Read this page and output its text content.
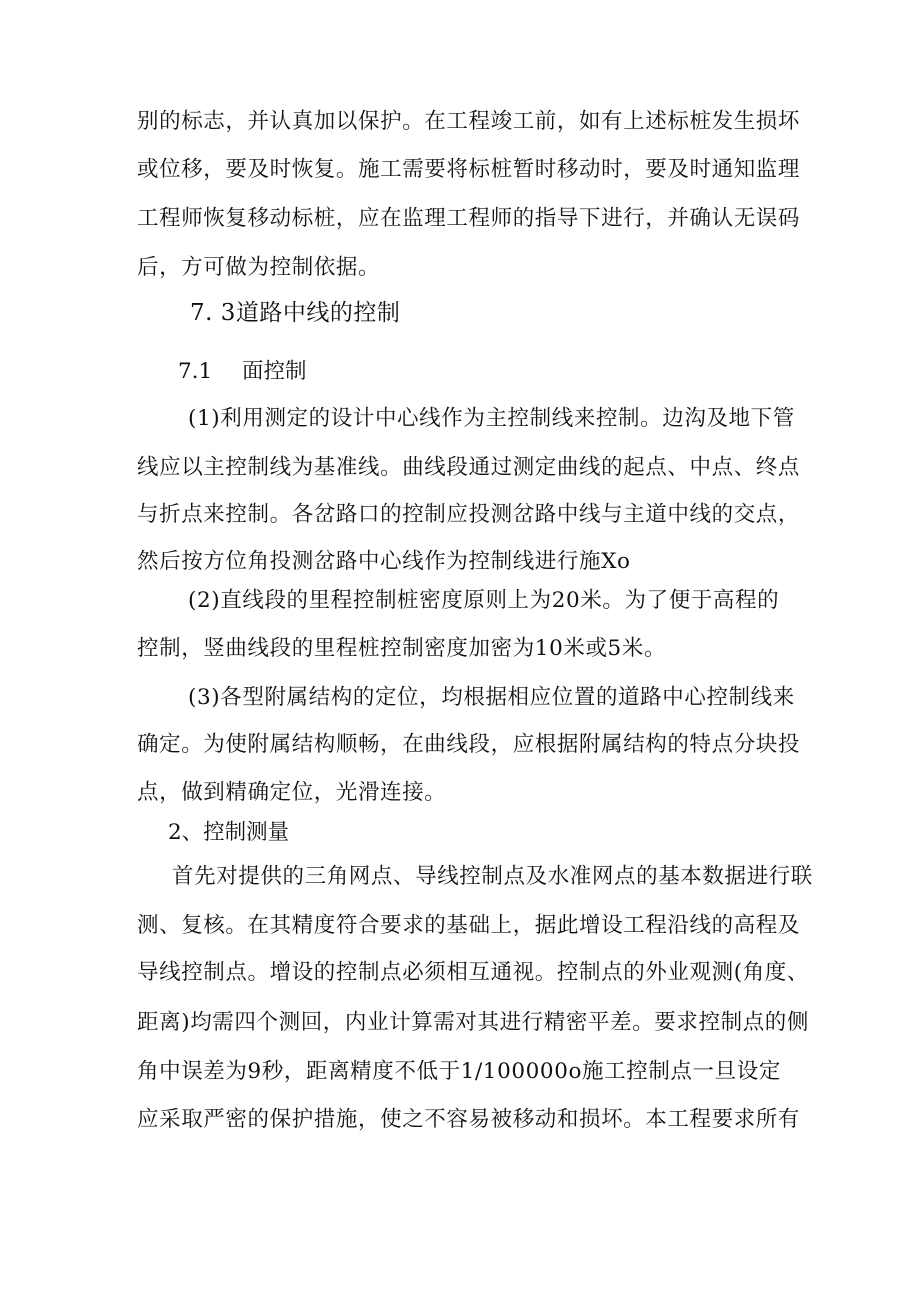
别的标志，并认真加以保护。在工程竣工前，如有上述标桩发生损坏
或位移，要及时恢复。施工需要将标桩暂时移动时，要及时通知监理
工程师恢复移动标桩，应在监理工程师的指导下进行，并确认无误码
后，方可做为控制依据。
7. 3道路中线的控制
7.1 面控制
(1)利用测定的设计中心线作为主控制线来控制。边沟及地下管
线应以主控制线为基准线。曲线段通过测定曲线的起点、中点、终点
与折点来控制。各岔路口的控制应投测岔路中线与主道中线的交点，
然后按方位角投测岔路中心线作为控制线进行施Xo
(2)直线段的里程控制桩密度原则上为20米。为了便于高程的
控制，竖曲线段的里程桩控制密度加密为10米或5米。
(3)各型附属结构的定位，均根据相应位置的道路中心控制线来
确定。为使附属结构顺畅，在曲线段，应根据附属结构的特点分块投
点，做到精确定位，光滑连接。
2、控制测量
首先对提供的三角网点、导线控制点及水准网点的基本数据进行联
测、复核。在其精度符合要求的基础上，据此增设工程沿线的高程及
导线控制点。增设的控制点必须相互通视。控制点的外业观测(角度、
距离)均需四个测回，内业计算需对其进行精密平差。要求控制点的侧
角中误差为9秒，距离精度不低于1/100000o施工控制点一旦设定
应采取严密的保护措施，使之不容易被移动和损坏。本工程要求所有
